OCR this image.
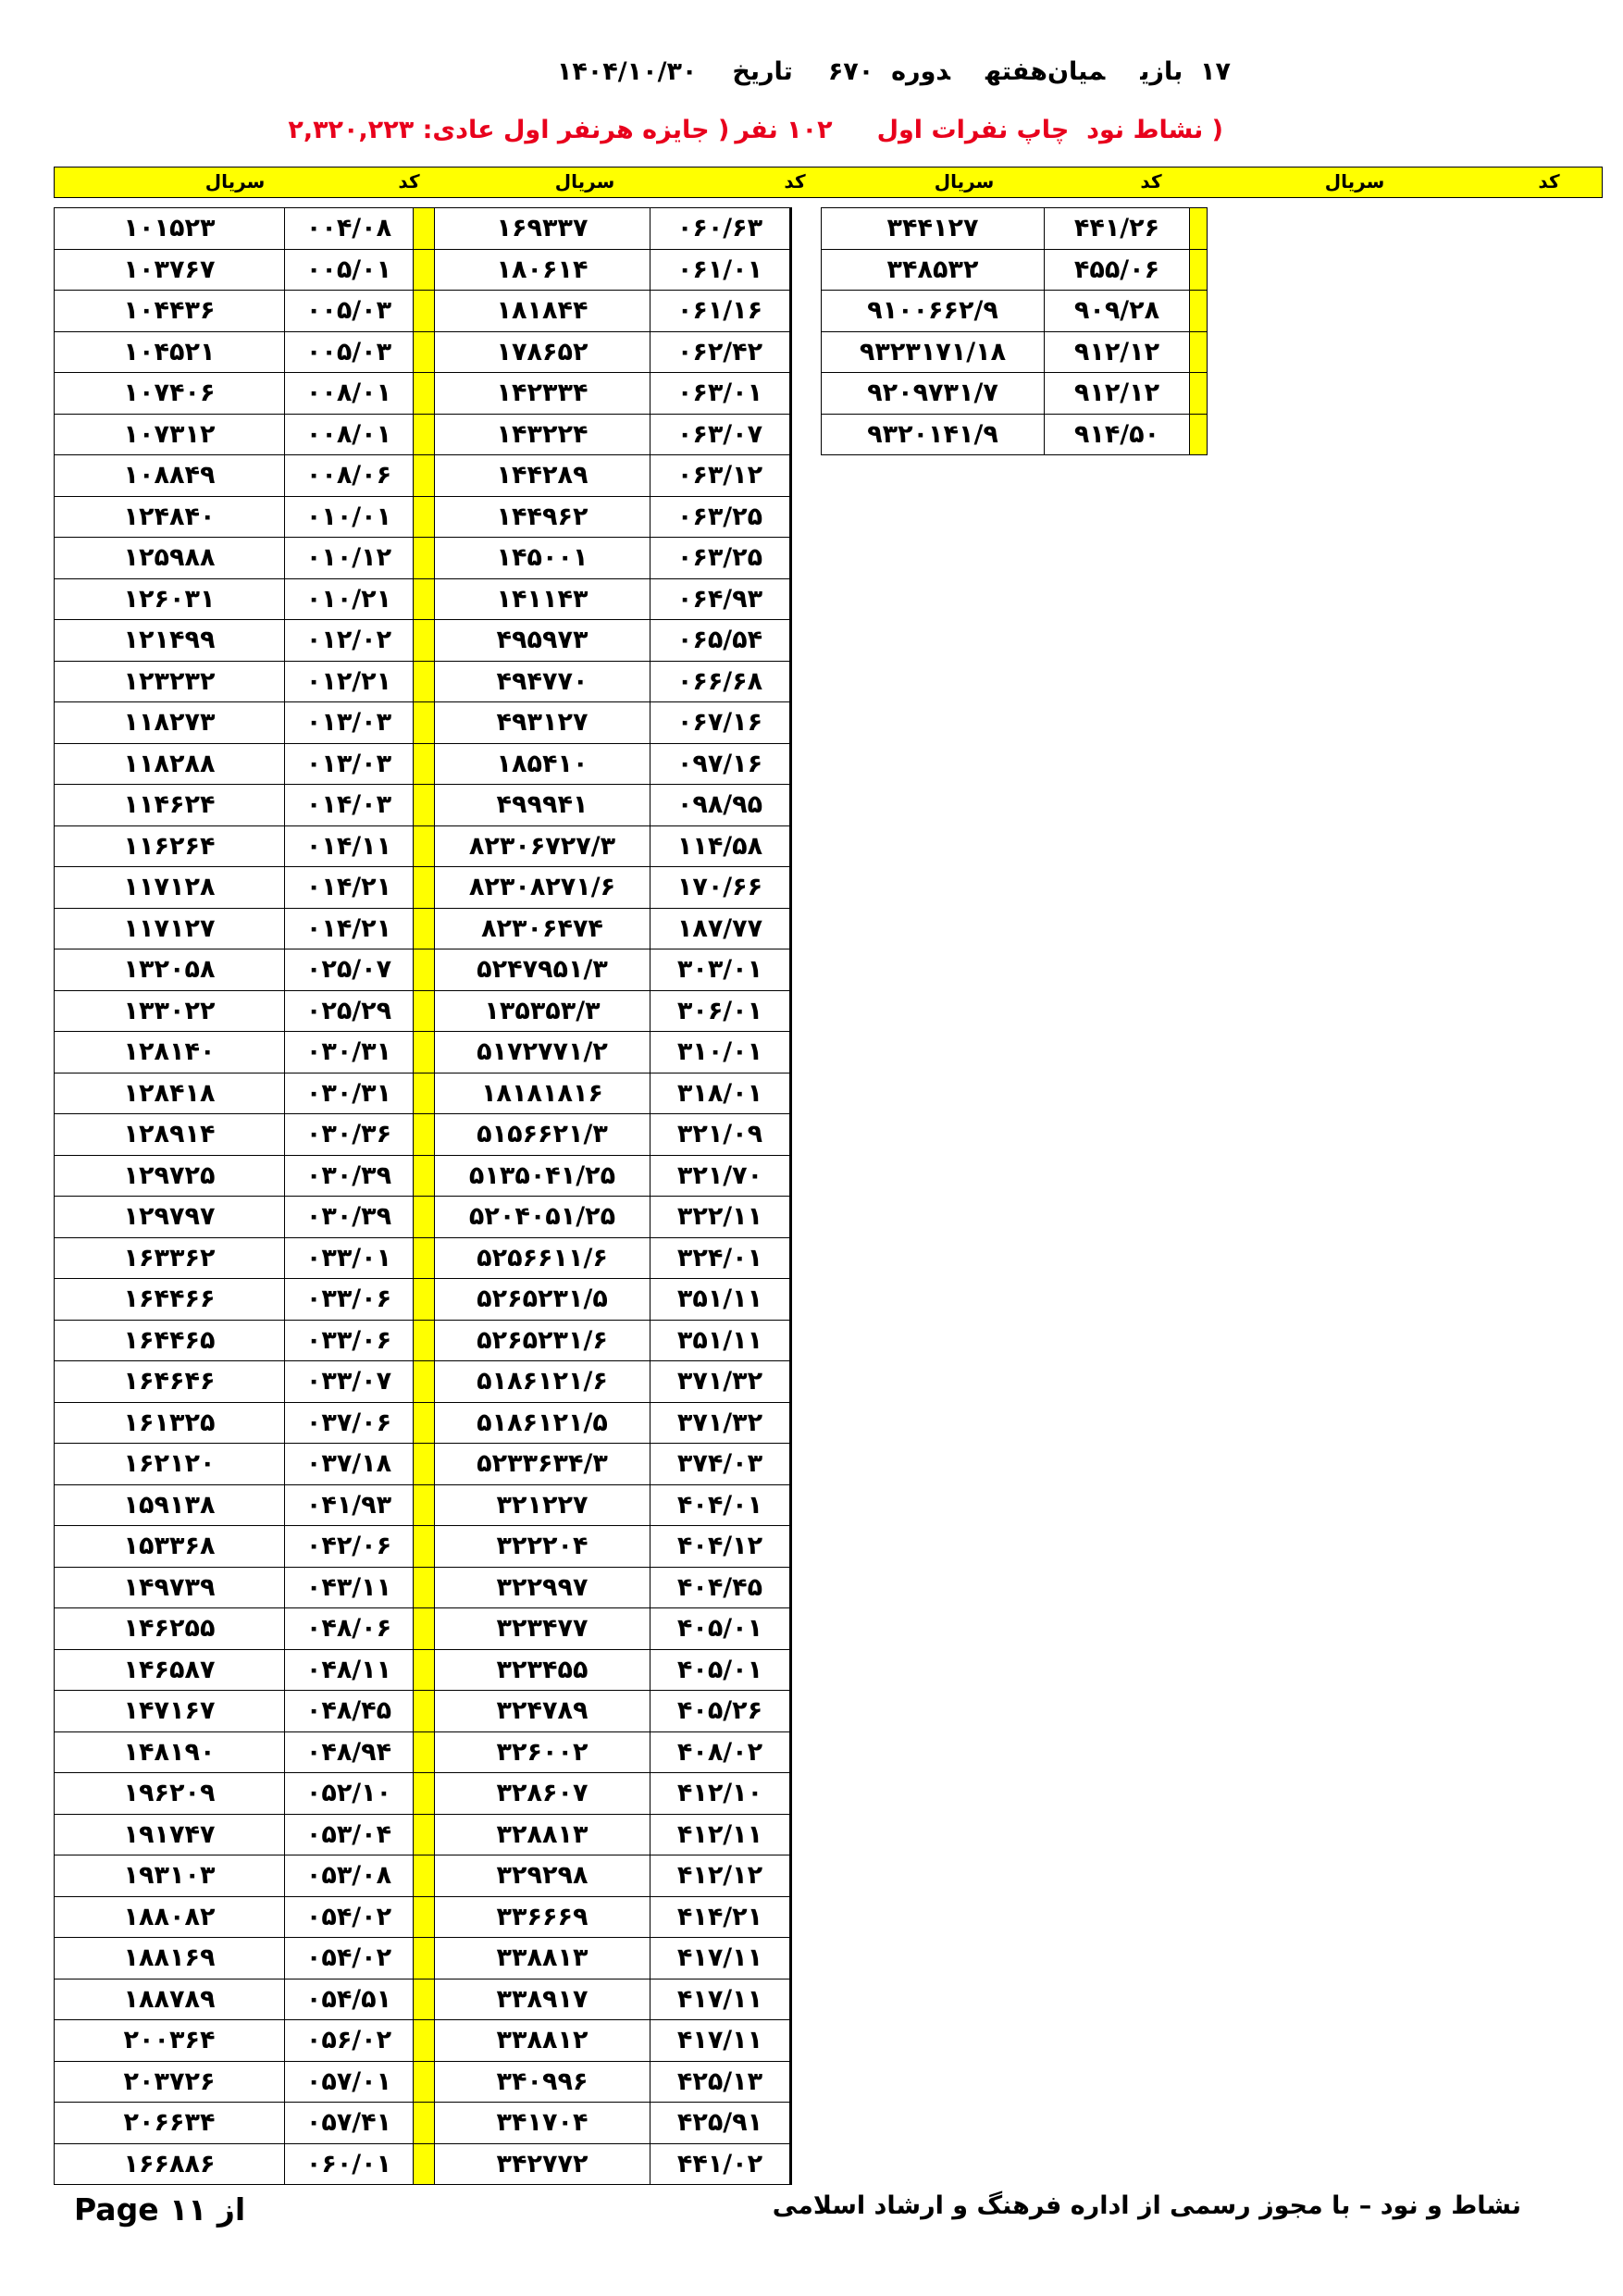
۱۷  بازیمیان‌هفتهدوره  ۶۷۰تاریخ۱۴۰۴/۱۰/۳۰
( نشاط نود  چاپ نفرات اول۱۰۲ نفر( جایزه هرنفر اول عادی: ۲,۳۲۰,۲۲۳
سریال	کد	سریال	کد	سریال	کد	سریال	کد
۱۰۱۵۲۳	۰۰۴/۰۸		۱۶۹۳۳۷	۰۶۰/۶۳
۱۰۳۷۶۷	۰۰۵/۰۱		۱۸۰۶۱۴	۰۶۱/۰۱
۱۰۴۴۳۶	۰۰۵/۰۳		۱۸۱۸۴۴	۰۶۱/۱۶
۱۰۴۵۲۱	۰۰۵/۰۳		۱۷۸۶۵۲	۰۶۲/۴۲
۱۰۷۴۰۶	۰۰۸/۰۱		۱۴۲۳۳۴	۰۶۳/۰۱
۱۰۷۳۱۲	۰۰۸/۰۱		۱۴۳۲۲۴	۰۶۳/۰۷
۱۰۸۸۴۹	۰۰۸/۰۶		۱۴۴۲۸۹	۰۶۳/۱۲
۱۲۴۸۴۰	۰۱۰/۰۱		۱۴۴۹۶۲	۰۶۳/۲۵
۱۲۵۹۸۸	۰۱۰/۱۲		۱۴۵۰۰۱	۰۶۳/۲۵
۱۲۶۰۳۱	۰۱۰/۲۱		۱۴۱۱۴۳	۰۶۴/۹۳
۱۲۱۴۹۹	۰۱۲/۰۲		۴۹۵۹۷۳	۰۶۵/۵۴
۱۲۳۲۳۲	۰۱۲/۲۱		۴۹۴۷۷۰	۰۶۶/۶۸
۱۱۸۲۷۳	۰۱۳/۰۳		۴۹۳۱۲۷	۰۶۷/۱۶
۱۱۸۲۸۸	۰۱۳/۰۳		۱۸۵۴۱۰	۰۹۷/۱۶
۱۱۴۶۲۴	۰۱۴/۰۳		۴۹۹۹۴۱	۰۹۸/۹۵
۱۱۶۲۶۴	۰۱۴/۱۱		۸۲۳۰۶۷۲۷/۳	۱۱۴/۵۸
۱۱۷۱۲۸	۰۱۴/۲۱		۸۲۳۰۸۲۷۱/۶	۱۷۰/۶۶
۱۱۷۱۲۷	۰۱۴/۲۱		۸۲۳۰۶۴۷۴	۱۸۷/۷۷
۱۳۲۰۵۸	۰۲۵/۰۷		۵۲۴۷۹۵۱/۳	۳۰۳/۰۱
۱۳۳۰۲۲	۰۲۵/۲۹		۱۳۵۳۵۳/۳	۳۰۶/۰۱
۱۲۸۱۴۰	۰۳۰/۳۱		۵۱۷۲۷۷۱/۲	۳۱۰/۰۱
۱۲۸۴۱۸	۰۳۰/۳۱		۱۸۱۸۱۸۱۶	۳۱۸/۰۱
۱۲۸۹۱۴	۰۳۰/۳۶		۵۱۵۶۶۲۱/۳	۳۲۱/۰۹
۱۲۹۷۲۵	۰۳۰/۳۹		۵۱۳۵۰۴۱/۲۵	۳۲۱/۷۰
۱۲۹۷۹۷	۰۳۰/۳۹		۵۲۰۴۰۵۱/۲۵	۳۲۲/۱۱
۱۶۳۳۶۲	۰۳۳/۰۱		۵۲۵۶۶۱۱/۶	۳۲۴/۰۱
۱۶۴۴۶۶	۰۳۳/۰۶		۵۲۶۵۲۳۱/۵	۳۵۱/۱۱
۱۶۴۴۶۵	۰۳۳/۰۶		۵۲۶۵۲۳۱/۶	۳۵۱/۱۱
۱۶۴۶۴۶	۰۳۳/۰۷		۵۱۸۶۱۲۱/۶	۳۷۱/۳۲
۱۶۱۳۲۵	۰۳۷/۰۶		۵۱۸۶۱۲۱/۵	۳۷۱/۳۲
۱۶۲۱۲۰	۰۳۷/۱۸		۵۲۳۳۶۳۴/۳	۳۷۴/۰۳
۱۵۹۱۳۸	۰۴۱/۹۳		۳۲۱۲۲۷	۴۰۴/۰۱
۱۵۳۳۶۸	۰۴۲/۰۶		۳۲۲۲۰۴	۴۰۴/۱۲
۱۴۹۷۳۹	۰۴۳/۱۱		۳۲۲۹۹۷	۴۰۴/۴۵
۱۴۶۲۵۵	۰۴۸/۰۶		۳۲۳۴۷۷	۴۰۵/۰۱
۱۴۶۵۸۷	۰۴۸/۱۱		۳۲۳۴۵۵	۴۰۵/۰۱
۱۴۷۱۶۷	۰۴۸/۴۵		۳۲۴۷۸۹	۴۰۵/۲۶
۱۴۸۱۹۰	۰۴۸/۹۴		۳۲۶۰۰۲	۴۰۸/۰۲
۱۹۶۲۰۹	۰۵۲/۱۰		۳۲۸۶۰۷	۴۱۲/۱۰
۱۹۱۷۴۷	۰۵۳/۰۴		۳۲۸۸۱۳	۴۱۲/۱۱
۱۹۳۱۰۳	۰۵۳/۰۸		۳۲۹۲۹۸	۴۱۲/۱۲
۱۸۸۰۸۲	۰۵۴/۰۲		۳۳۶۶۶۹	۴۱۴/۲۱
۱۸۸۱۶۹	۰۵۴/۰۲		۳۳۸۸۱۳	۴۱۷/۱۱
۱۸۸۷۸۹	۰۵۴/۵۱		۳۳۸۹۱۷	۴۱۷/۱۱
۲۰۰۳۶۴	۰۵۶/۰۲		۳۳۸۸۱۲	۴۱۷/۱۱
۲۰۳۷۲۶	۰۵۷/۰۱		۳۴۰۹۹۶	۴۲۵/۱۳
۲۰۶۶۳۴	۰۵۷/۴۱		۳۴۱۷۰۴	۴۲۵/۹۱
۱۶۶۸۸۶	۰۶۰/۰۱		۳۴۲۷۷۲	۴۴۱/۰۲
۳۴۴۱۲۷	۴۴۱/۲۶	
۳۴۸۵۳۲	۴۵۵/۰۶	
۹۱۰۰۶۶۲/۹	۹۰۹/۲۸	
۹۳۲۳۱۷۱/۱۸	۹۱۲/۱۲	
۹۲۰۹۷۳۱/۷	۹۱۲/۱۲	
۹۳۲۰۱۴۱/۹	۹۱۴/۵۰	
از ۱۱ Page	نشاط و نود – با مجوز رسمی از اداره فرهنگ و ارشاد اسلامی
